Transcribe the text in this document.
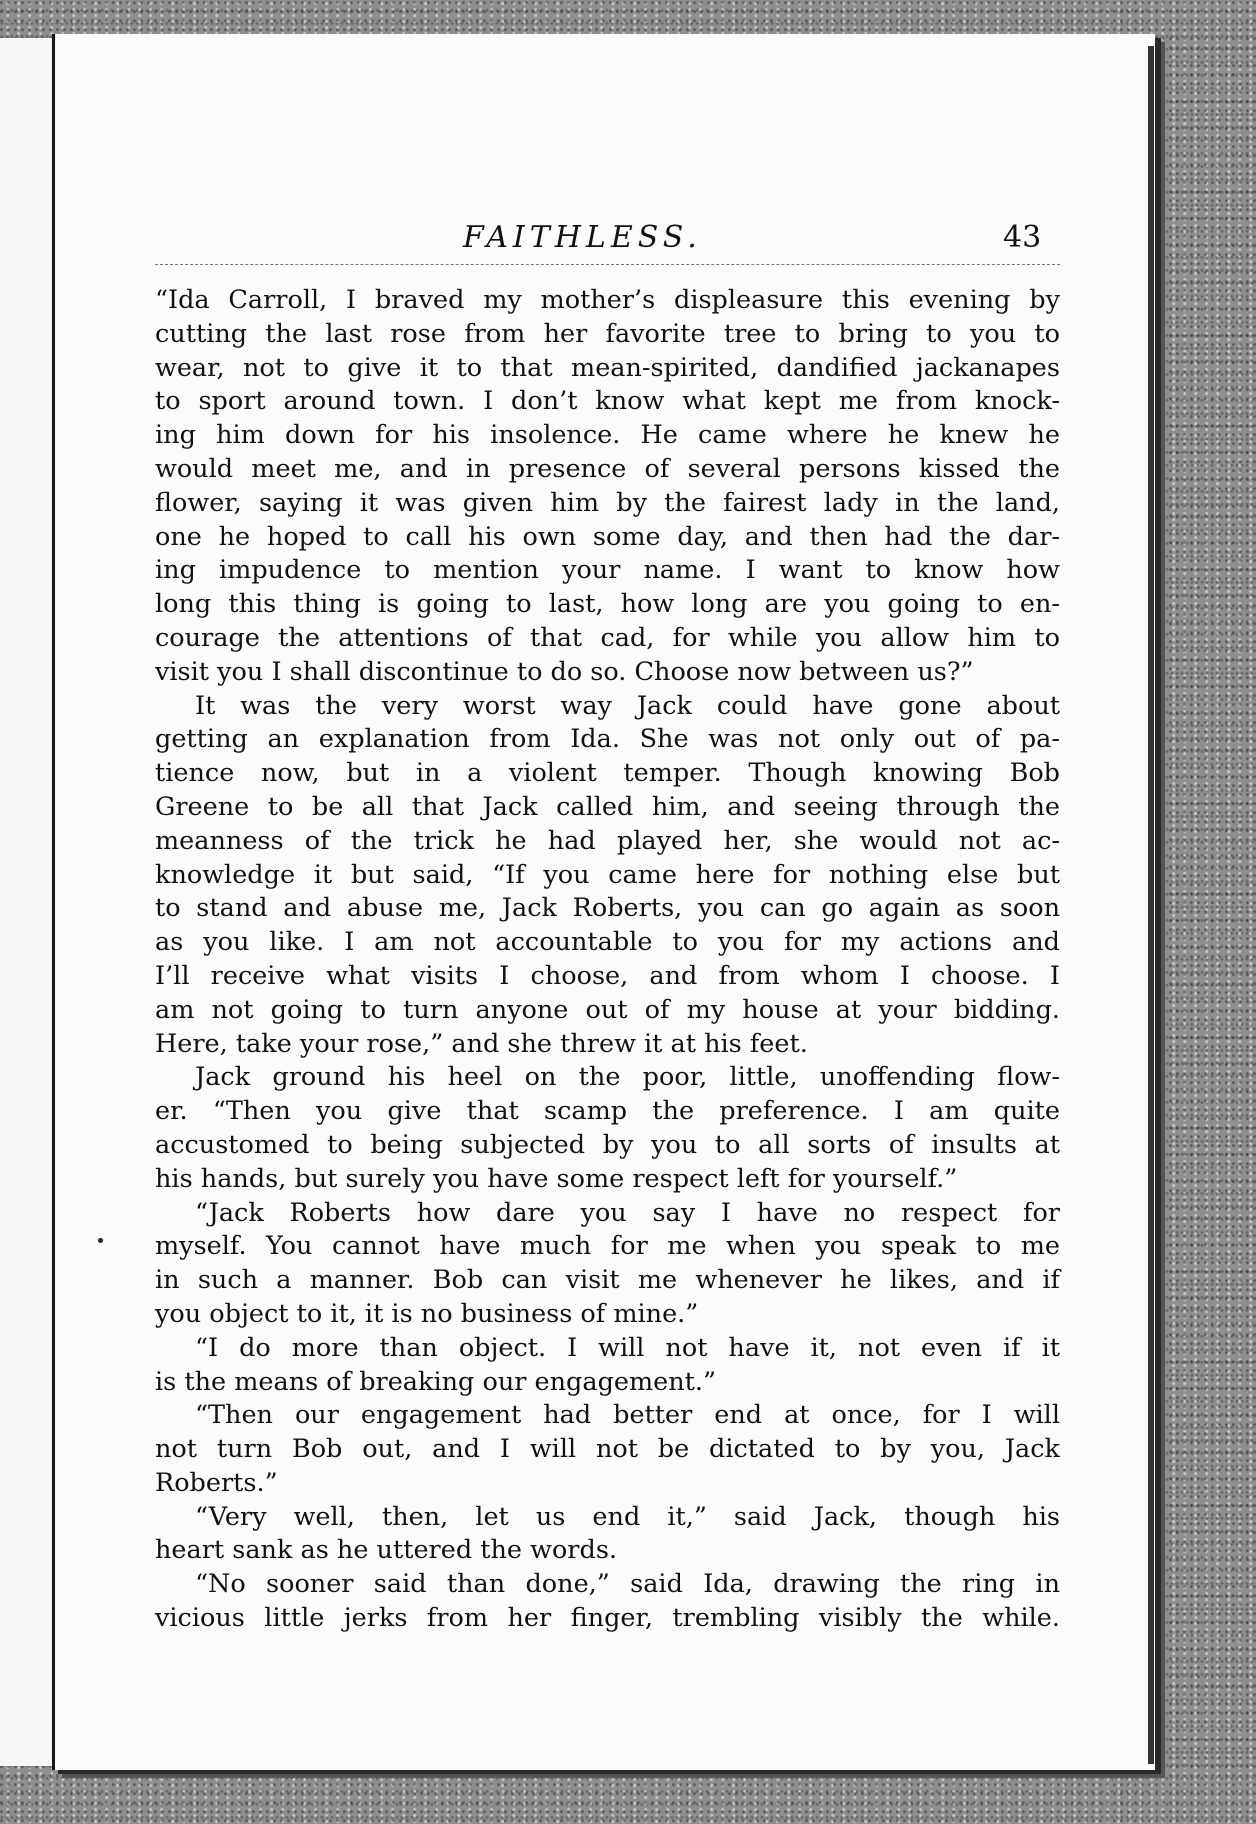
FAITHLESS.	43
“Ida Carroll, I braved my mother’s displeasure this evening by
cutting the last rose from her favorite tree to bring to you to
wear, not to give it to that mean-spirited, dandified jackanapes
to sport around town. I don’t know what kept me from knock-
ing him down for his insolence. He came where he knew he
would meet me, and in presence of several persons kissed the
flower, saying it was given him by the fairest lady in the land,
one he hoped to call his own some day, and then had the dar-
ing impudence to mention your name. I want to know how
long this thing is going to last, how long are you going to en-
courage the attentions of that cad, for while you allow him to
visit you I shall discontinue to do so. Choose now between us?”
It was the very worst way Jack could have gone about
getting an explanation from Ida. She was not only out of pa-
tience now, but in a violent temper. Though knowing Bob
Greene to be all that Jack called him, and seeing through the
meanness of the trick he had played her, she would not ac-
knowledge it but said, “If you came here for nothing else but
to stand and abuse me, Jack Roberts, you can go again as soon
as you like. I am not accountable to you for my actions and
I’ll receive what visits I choose, and from whom I choose. I
am not going to turn anyone out of my house at your bidding.
Here, take your rose,” and she threw it at his feet.
Jack ground his heel on the poor, little, unoffending flow-
er. “Then you give that scamp the preference. I am quite
accustomed to being subjected by you to all sorts of insults at
his hands, but surely you have some respect left for yourself.”
“Jack Roberts how dare you say I have no respect for
myself. You cannot have much for me when you speak to me
in such a manner. Bob can visit me whenever he likes, and if
you object to it, it is no business of mine.”
“I do more than object. I will not have it, not even if it
is the means of breaking our engagement.”
“Then our engagement had better end at once, for I will
not turn Bob out, and I will not be dictated to by you, Jack
Roberts.”
“Very well, then, let us end it,” said Jack, though his
heart sank as he uttered the words.
“No sooner said than done,” said Ida, drawing the ring in
vicious little jerks from her finger, trembling visibly the while.
